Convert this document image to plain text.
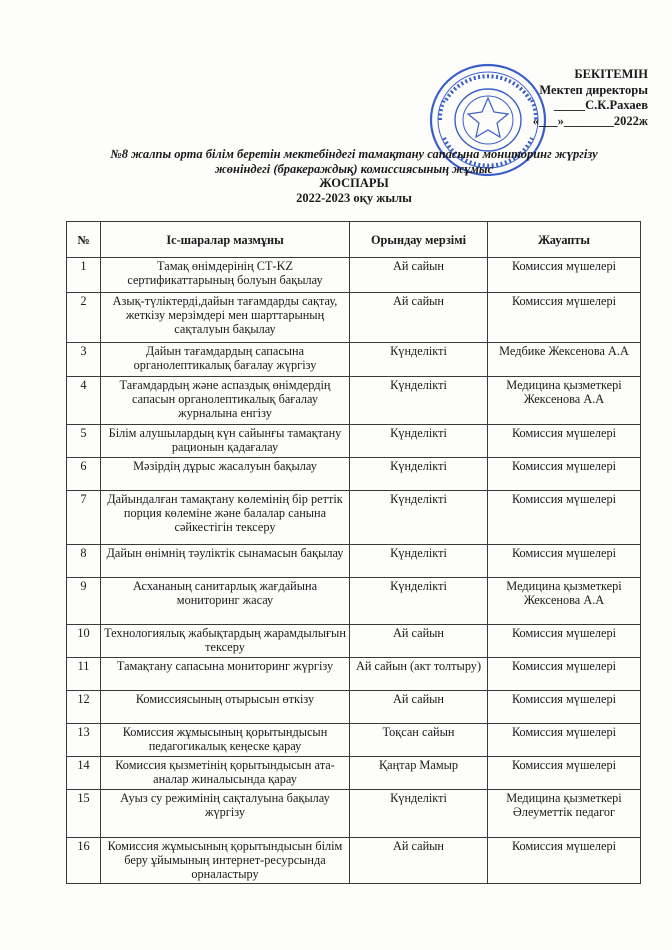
БЕКІТЕМІН
Мектеп директоры
_____С.К.Рахаев
«___»________2022ж
№8 жалпы орта білім беретін мектебіндегі тамақтану сапасына мониторинг жүргізу
жөніндегі (бракераждық) комиссиясының жұмыс
ЖОСПАРЫ
2022-2023 оқу жылы
№	Іс-шаралар мазмұны	Орындау мерзімі	Жауапты
1	Тамақ өнімдерінің СТ-KZ сертификаттарының болуын бақылау	Ай сайын	Комиссия мүшелері
2	Азық-түліктерді,дайын тағамдарды сақтау, жеткізу мерзімдері мен шарттарының сақталуын бақылау	Ай сайын	Комиссия мүшелері
3	Дайын тағамдардың сапасына органолептикалық бағалау жүргізу	Күнделікті	Медбике Жексенова А.А
4	Тағамдардың және аспаздық өнімдердің сапасын органолептикалық бағалау журналына енгізу	Күнделікті	Медицина қызметкері Жексенова А.А
5	Білім алушылардың күн сайынғы тамақтану рационын қадағалау	Күнделікті	Комиссия мүшелері
6	Мәзірдің дұрыс жасалуын бақылау	Күнделікті	Комиссия мүшелері
7	Дайындалған тамақтану көлемінің бір реттік порция көлеміне және балалар санына сәйкестігін тексеру	Күнделікті	Комиссия мүшелері
8	Дайын өнімнің тәуліктік сынамасын бақылау	Күнделікті	Комиссия мүшелері
9	Асхананың санитарлық жағдайына мониторинг жасау	Күнделікті	Медицина қызметкері Жексенова А.А
10	Технологиялық жабықтардың жарамдылығын тексеру	Ай сайын	Комиссия мүшелері
11	Тамақтану сапасына мониторинг жүргізу	Ай сайын (акт толтыру)	Комиссия мүшелері
12	Комиссиясының отырысын өткізу	Ай сайын	Комиссия мүшелері
13	Комиссия жұмысының қорытындысын педагогикалық кеңеске қарау	Тоқсан сайын	Комиссия мүшелері
14	Комиссия қызметінің қорытындысын ата-аналар жиналысында қарау	Қаңтар Мамыр	Комиссия мүшелері
15	Ауыз су режимінің сақталуына бақылау жүргізу	Күнделікті	Медицина қызметкері Әлеуметтік педагог
16	Комиссия жұмысының қорытындысын білім беру ұйымының интернет-ресурсында орналастыру	Ай сайын	Комиссия мүшелері
